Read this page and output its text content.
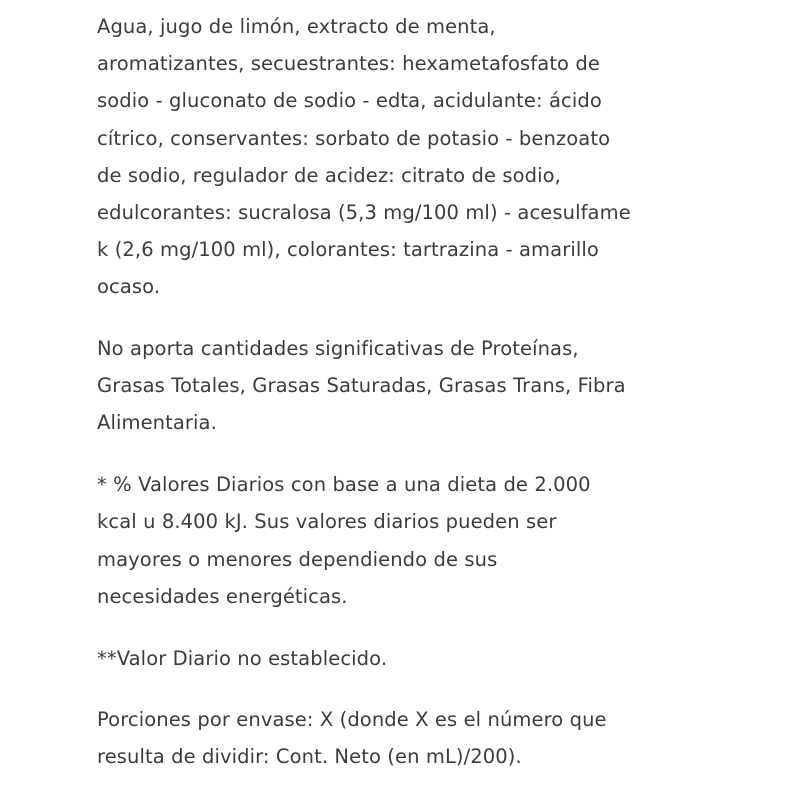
Agua, jugo de limón, extracto de menta,
aromatizantes, secuestrantes: hexametafosfato de
sodio - gluconato de sodio - edta, acidulante: ácido
cítrico, conservantes: sorbato de potasio - benzoato
de sodio, regulador de acidez: citrato de sodio,
edulcorantes: sucralosa (5,3 mg/100 ml) - acesulfame
k (2,6 mg/100 ml), colorantes: tartrazina - amarillo
ocaso.

No aporta cantidades significativas de Proteínas,
Grasas Totales, Grasas Saturadas, Grasas Trans, Fibra
Alimentaria.

* % Valores Diarios con base a una dieta de 2.000
kcal u 8.400 kJ. Sus valores diarios pueden ser
mayores o menores dependiendo de sus
necesidades energéticas.

**Valor Diario no establecido.

Porciones por envase: X (donde X es el número que
resulta de dividir: Cont. Neto (en mL)/200).
